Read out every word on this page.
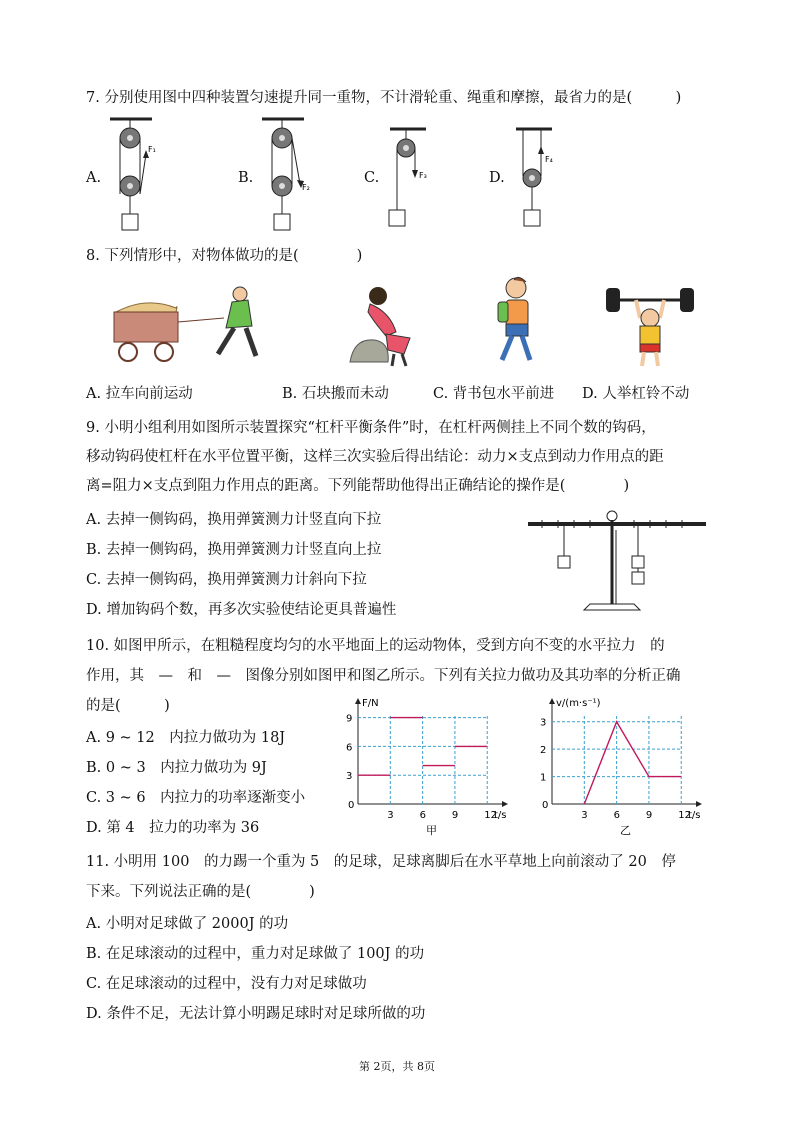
7. 分别使用图中四种装置匀速提升同一重物，不计滑轮重、绳重和摩擦，最省力的是(　　　)
A.	B.	C.	D.
F₁
F₂
F₃
F₄
8. 下列情形中，对物体做功的是(　　　　)
A. 拉车向前运动	B. 石块搬而未动	C. 背书包水平前进 D. 人举杠铃不动
9. 小明小组利用如图所示装置探究“杠杆平衡条件”时，在杠杆两侧挂上不同个数的钩码，
移动钩码使杠杆在水平位置平衡，这样三次实验后得出结论：动力×支点到动力作用点的距
离=阻力×支点到阻力作用点的距离。下列能帮助他得出正确结论的操作是(　　　　)
A. 去掉一侧钩码，换用弹簧测力计竖直向下拉
B. 去掉一侧钩码，换用弹簧测力计竖直向上拉
C. 去掉一侧钩码，换用弹簧测力计斜向下拉
D. 增加钩码个数，再多次实验使结论更具普遍性
10. 如图甲所示，在粗糙程度均匀的水平地面上的运动物体，受到方向不变的水平拉力　的
作用，其　—　和　—　图像分别如图甲和图乙所示。下列有关拉力做功及其功率的分析正确
的是(　　　)
A. 9 ~ 12　内拉力做功为 18J
B. 0 ~ 3　内拉力做功为 9J
C. 3 ~ 6　内拉力的功率逐渐变小
D. 第 4　拉力的功率为 36
F/N
t/s
0
3	6	9	12
3
6
9
甲
v/(m·s⁻¹)
t/s
0
3	6	9	12
1
2
3
乙
11. 小明用 100　的力踢一个重为 5　的足球，足球离脚后在水平草地上向前滚动了 20　停
下来。下列说法正确的是(　　　　)
A. 小明对足球做了 2000J 的功
B. 在足球滚动的过程中，重力对足球做了 100J 的功
C. 在足球滚动的过程中，没有力对足球做功
D. 条件不足，无法计算小明踢足球时对足球所做的功
第 2页，共 8页
